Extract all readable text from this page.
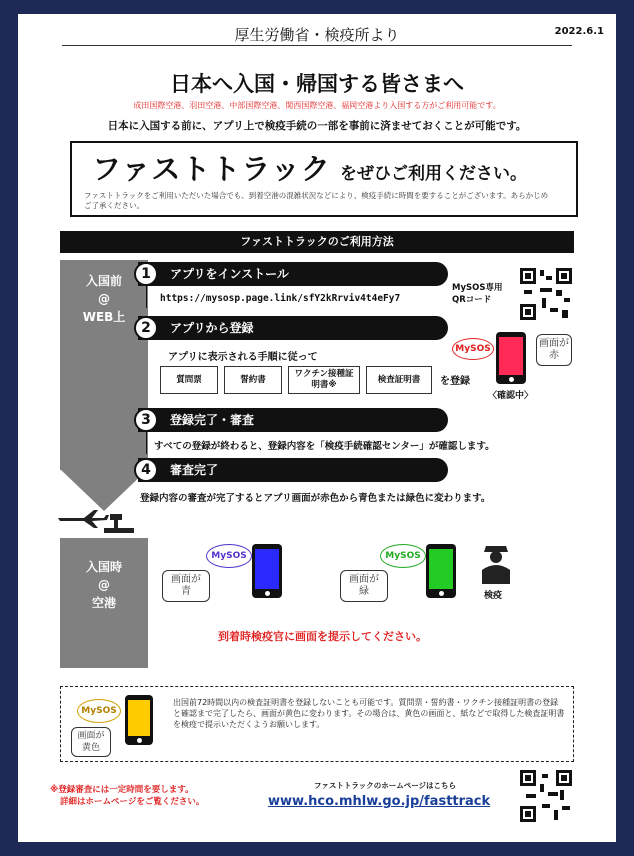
厚生労働省・検疫所より	2022.6.1
日本へ入国・帰国する皆さまへ
成田国際空港、羽田空港、中部国際空港、関西国際空港、福岡空港より入国する方がご利用可能です。
日本に入国する前に、アプリ上で検疫手続の一部を事前に済ませておくことが可能です。
ファストトラック をぜひご利用ください。
ファストトラックをご利用いただいた場合でも、到着空港の混雑状況などにより、検疫手続に時間を要することがございます。あらかじめご了承ください。
ファストトラックのご利用方法
入国前
@
WEB上
入国時
@
空港
アプリをインストール
1
https://mysosp.page.link/sfY2kRrviv4t4eFy7
MySOS専用
QRコード
アプリから登録
2
アプリに表示される手順に従って
質問票	誓約書
ワクチン接種証明書※
検査証明書	を登録
MySOS	画面が赤
〈確認中〉
登録完了・審査
3
すべての登録が終わると、登録内容を「検疫手続確認センター」が確認します。
審査完了
4
登録内容の審査が完了するとアプリ画面が赤色から青色または緑色に変わります。
MySOS
画面が青
MySOS
画面が緑	検疫
到着時検疫官に画面を提示してください。
MySOS
画面が黄色
出国前72時間以内の検査証明書を登録しないことも可能です。質問票・誓約書・ワクチン接種証明書の登録と確認まで完了したら、画面が黄色に変わります。その場合は、黄色の画面と、紙などで取得した検査証明書を検疫で提示いただくようお願いします。
※登録審査には一定時間を要します。
詳細はホームページをご覧ください。
ファストトラックのホームページはこちら
www.hco.mhlw.go.jp/fasttrack
